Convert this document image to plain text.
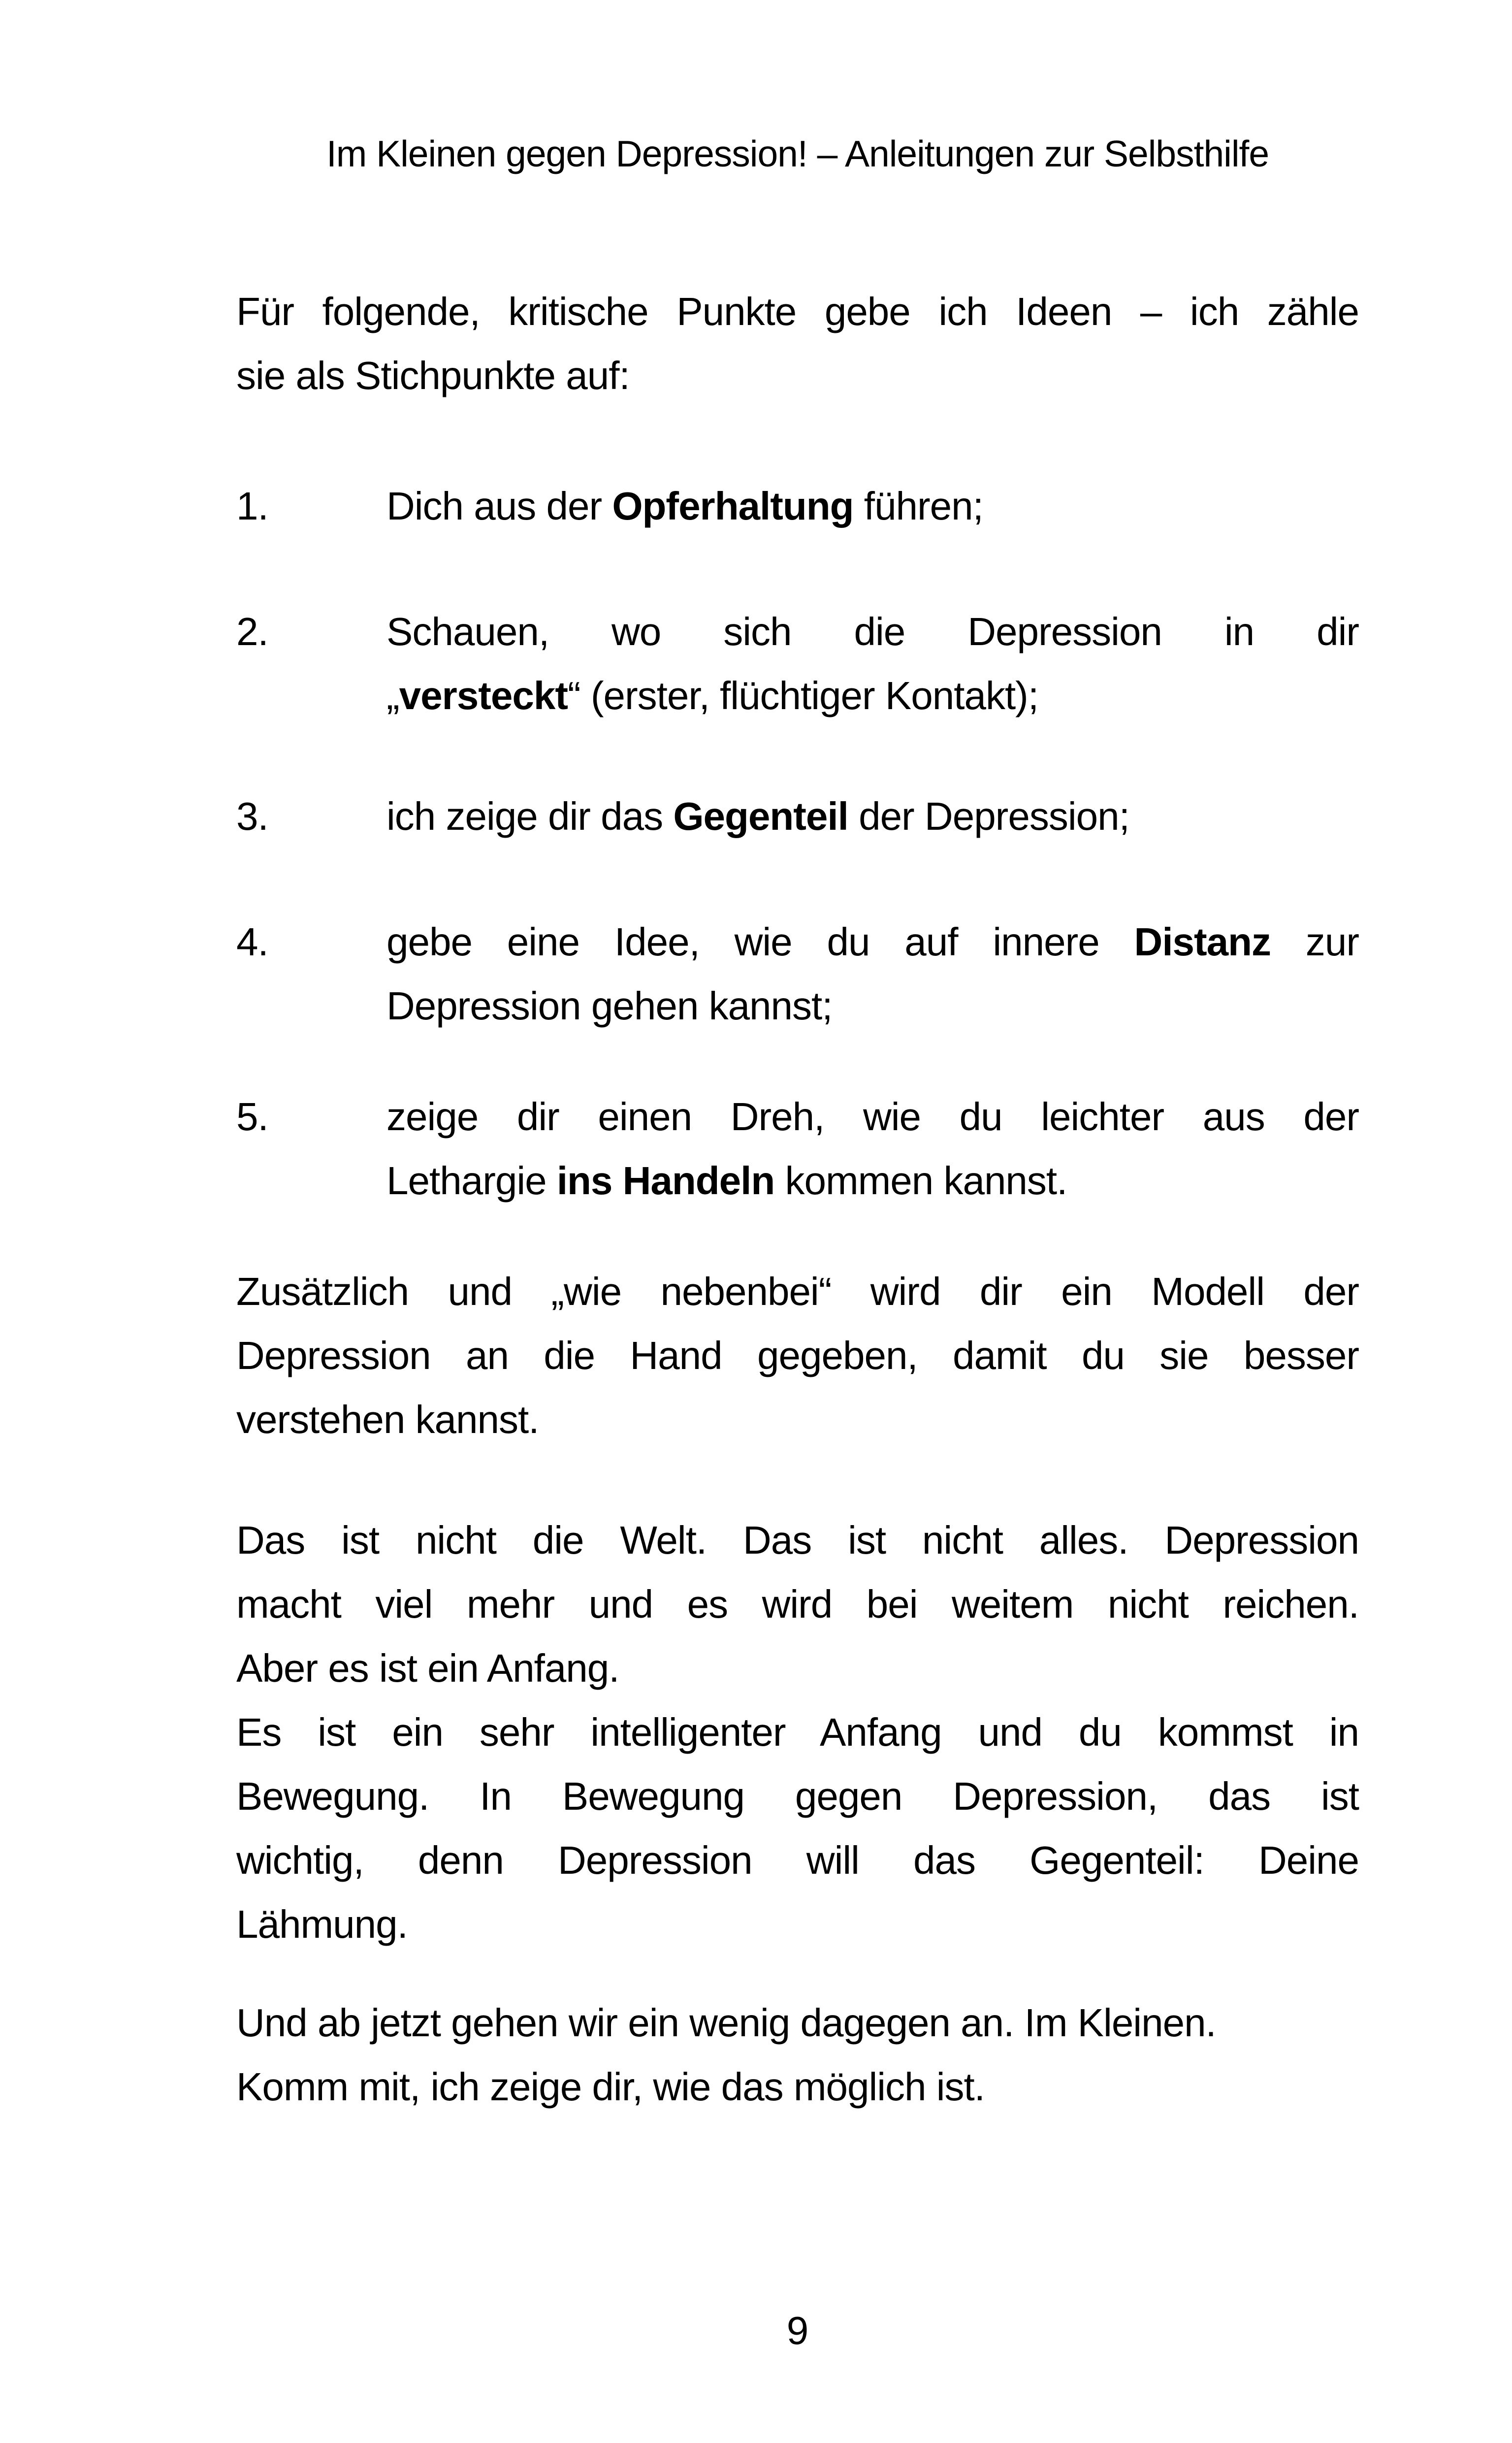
Im Kleinen gegen Depression! – Anleitungen zur Selbsthilfe
Für folgende, kritische Punkte gebe ich Ideen – ich zähle
sie als Stichpunkte auf:
1.	Dich aus der Opferhaltung führen;
2.	Schauen, wo sich die Depression in dir
„versteckt“ (erster, flüchtiger Kontakt);
3.	ich zeige dir das Gegenteil der Depression;
4.	gebe eine Idee, wie du auf innere Distanz zur
Depression gehen kannst;
5.	zeige dir einen Dreh, wie du leichter aus der
Lethargie ins Handeln kommen kannst.
Zusätzlich und „wie nebenbei“ wird dir ein Modell der
Depression an die Hand gegeben, damit du sie besser
verstehen kannst.
Das ist nicht die Welt. Das ist nicht alles. Depression
macht viel mehr und es wird bei weitem nicht reichen.
Aber es ist ein Anfang.
Es ist ein sehr intelligenter Anfang und du kommst in
Bewegung. In Bewegung gegen Depression, das ist
wichtig, denn Depression will das Gegenteil: Deine
Lähmung.
Und ab jetzt gehen wir ein wenig dagegen an. Im Kleinen.
Komm mit, ich zeige dir, wie das möglich ist.
9
